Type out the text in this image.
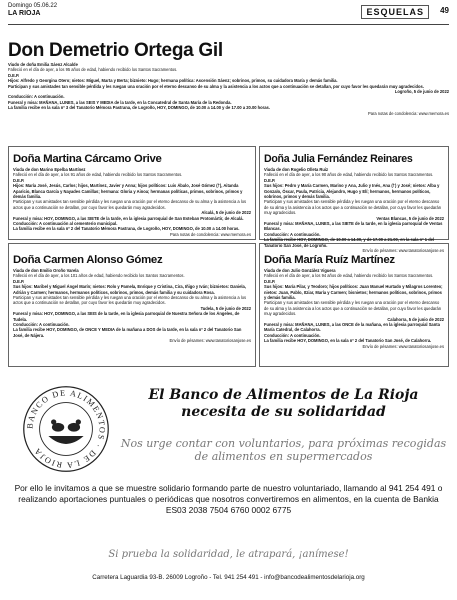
Domingo 05.06.22
LA RIOJA	ESQUELAS	49
Don Demetrio Ortega Gil

Viudo de doña Emilia Sáenz Alcalde

Falleció en el día de ayer, a los 95 años de edad, habiendo recibido los Santos Sacramentos.

D.E.P.

Hijos: Alfredo y Georgina Otero; nietos: Miguel, Marta y Berta; biznieto: Hugo; hermana política: Ascensión Sáenz; sobrinos, primos, su cuidadora María y demás familia.

Participan y sus amistades tan sensible pérdida y les ruegan una oración por el eterno descanso de su alma y la asistencia a los actos que a continuación se detallan, por cuyo favor les quedarán muy agradecidos.

Logroño, 5 de junio de 2022

Conducción: A continuación.

Funeral y misa: MAÑANA, LUNES, a las SEIS Y MEDIA de la tarde, en la Concatedral de Santa María de la Redonda.

La familia recibe en la sala nº 3 del Tanatorio Mémora Pastrana, de Logroño, HOY, DOMINGO, de 10.00 a 14.00 y de 17.00 a 20.00 horas.

Para notas de condolencia: www.memora.es

Doña Martina Cárcamo Orive

Viuda de don Marino Epelba Martínez

Falleció en el día de ayer, a los 91 años de edad, habiendo recibido los Santos Sacramentos.

D.E.P.

Hijos: María José, Jesús, Carlos; hijos, Martínez, Javier y Anna; hijos políticos: Luis Ábalo, José Gómez (†), Aitanda Aparicio, Blanca García y Nayades Camillas; hermana: Gloria y Ainoa; hermanas políticas, primos, sobrinos, primos y demás familia.

Participan y sus amistades tan sensible pérdida y les ruegan una oración por el eterno descanso de su alma y la asistencia a los actos que a continuación se detallan, por cuyo favor les quedarán muy agradecidos.

Alcalá, 5 de junio de 2022

Funeral y misa: HOY, DOMINGO, a las SIETE de la tarde, en la iglesia parroquial de San Esteban Protomártir, de Alcalá.

Conducción: A continuación al cementerio municipal.

La familia recibe en la sala nº 2 del Tanatorio Mémora Pastrana, de Logroño, HOY, DOMINGO, de 10.00 a 14.00 horas.

Para notas de condolencia: www.memora.es

Doña Julia Fernández Reinares

Viuda de don Rogelio Olleta Ruiz

Falleció en el día de ayer, a los 90 años de edad, habiendo recibido los Santos Sacramentos.

D.E.P.

Sus hijos: Pedro y María Carmen, Marino y Ana, Julio y Inés, Ana (†) y José; nietos: Alba y Gonzalo, Óscar, Paula, Patricia, Alejandro, Hugo y Elí; hermanos, hermanos políticos, sobrinos, primos y demás familia.

Participan y sus amistades tan sensible pérdida y les ruegan una oración por el eterno descanso de su alma y la asistencia a los actos que a continuación se detallan, por cuyo favor les quedarán muy agradecidos.

Ventas Blancas, 5 de junio de 2022

Funeral y misa: MAÑANA, LUNES, a las SIETE de la tarde, en la iglesia parroquial de Ventas Blancas.

Conducción: A continuación.

La familia recibe HOY, DOMINGO, de 10.00 a 14.00, y de 17.00 a 21.00, en la sala nº 1 del Tanatorio San José, de Logroño.

Envío de pésames: www.tanatoriosanjose.es

Doña Carmen Alonso Gómez

Viuda de don Emilio Oroño Varela

Falleció en el día de ayer, a los 101 años de edad, habiendo recibido los Santos Sacramentos.

D.E.P.

Sus hijos: Maribel y Miguel Ángel Marín; nietos: Rolo y Pamela, Enrique y Cristina, Cira, Iñigo y Iván; biznietos: Daniela, Adrián y Carmen; hermanos, hermanos políticos, sobrinos, primos, demás familia y su cuidadora Rosa.

Participan y sus amistades tan sensible pérdida y les ruegan una oración por el eterno descanso de su alma y la asistencia a los actos que a continuación se detallan, por cuyo favor les quedarán muy agradecidos.

Tudela, 5 de junio de 2022

Funeral y misa: HOY, DOMINGO, a las SEIS de la tarde, en la iglesia parroquial de Nuestra Señora de los Ángeles, de Tudela.

Conducción: A continuación.

La familia recibe HOY, DOMINGO, de ONCE Y MEDIA de la mañana a DOS de la tarde, en la sala nº 2 del Tanatorio San José, de Nájera.

Envío de pésames: www.tanatoriosanjose.es

Doña María Ruíz Martínez

Viuda de don Julio González Viguera

Falleció en el día de ayer, a los 94 años de edad, habiendo recibido los Santos Sacramentos.

D.E.P.

Sus hijos: María Pilar, y Teodoro; hijos políticos: Juan Manuel Hurtado y Milagros Lorenteo; nietos: Juan, Pablo, Itziar, María y Carmen; bisnietos; hermanos políticos, sobrinos, primos y demás familia.

Participan y sus amistades tan sensible pérdida y les ruegan una oración por el eterno descanso de su alma y la asistencia a los actos que a continuación se detallan, por cuyo favor les quedarán muy agradecidos.

Calahorra, 5 de junio de 2022

Funeral y misa: MAÑANA, LUNES, a las ONCE de la mañana, en la iglesia parroquial Santa María Catedral, de Calahorra.

Conducción: A continuación.

La familia recibe HOY, DOMINGO, en la sala nº 2 del Tanatorio San José, de Calahorra.

Envío de pésames: www.tanatoriosanjose.es

BANCO DE ALIMENTOS · DE LA RIOJA
El Banco de Alimentos de La Rioja necesita de su solidaridad
Nos urge contar con voluntarios, para próximas recogidas de alimentos en supermercados
Por ello le invitamos a que se muestre solidario formando parte de nuestro voluntariado, llamando al 941 254 491 o realizando aportaciones puntuales o periódicas que nosotros convertiremos en alimentos, en la cuenta de Bankia ES03 2038 7504 6760 0002 6775
Si prueba la solidaridad, le atrapará, ¡anímese!
Carretera Laguardia 93-B. 26009 Logroño - Tel. 941 254 491 - info@bancodealimentosdelarioja.org
